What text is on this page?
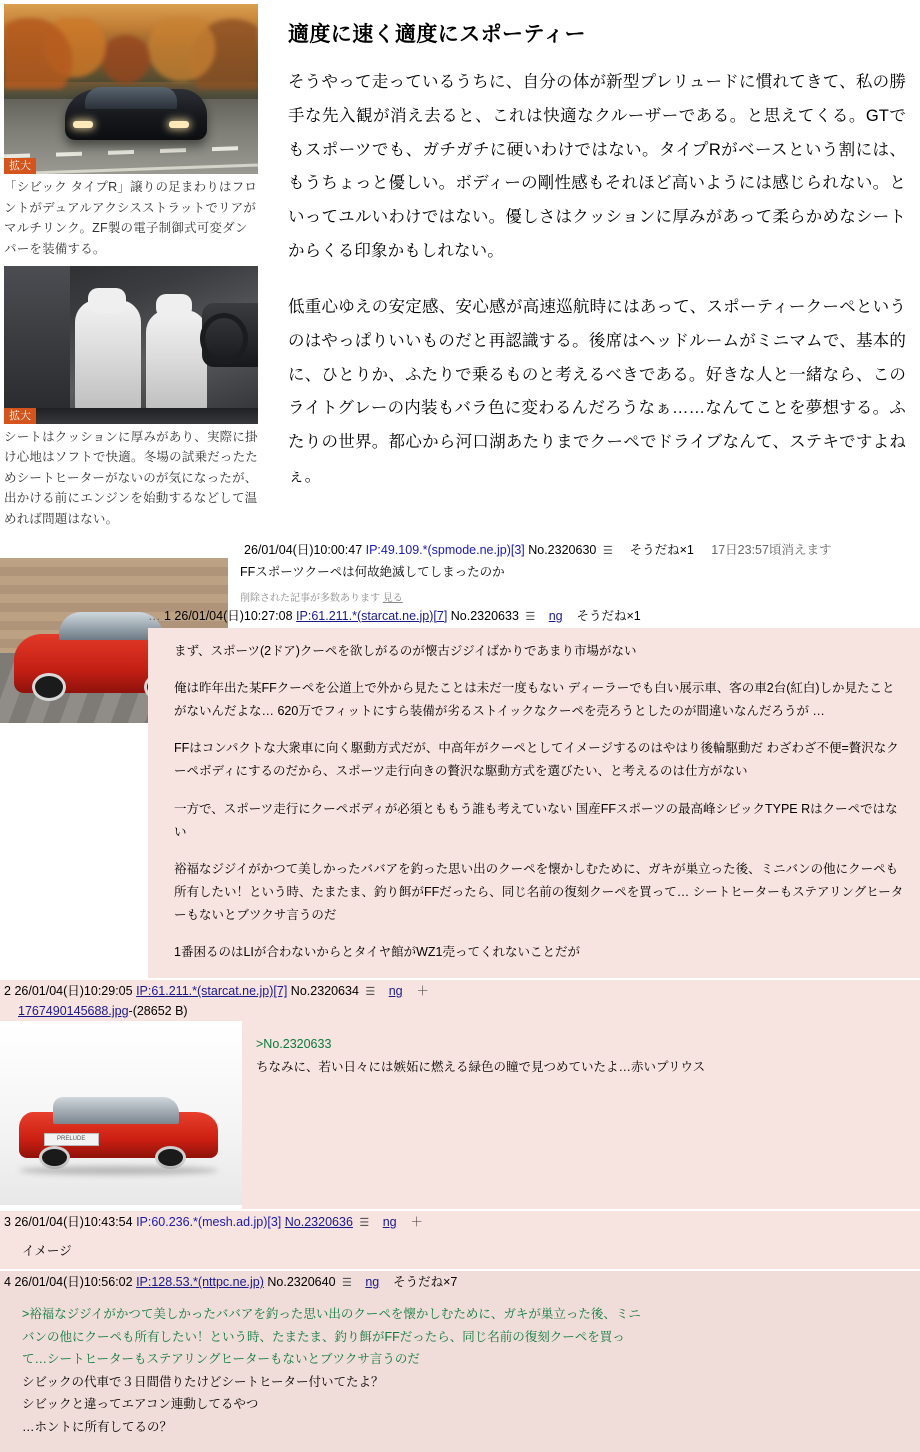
拡大
「シビック タイプR」譲りの足まわりはフロントがデュアルアクシスストラットでリアがマルチリンク。ZF製の電子制御式可変ダンパーを装備する。
拡大
シートはクッションに厚みがあり、実際に掛け心地はソフトで快適。冬場の試乗だったためシートヒーターがないのが気になったが、出かける前にエンジンを始動するなどして温めれば問題はない。
適度に速く適度にスポーティー

そうやって走っているうちに、自分の体が新型プレリュードに慣れてきて、私の勝手な先入観が消え去ると、これは快適なクルーザーである。と思えてくる。GTでもスポーツでも、ガチガチに硬いわけではない。タイプRがベースという割には、もうちょっと優しい。ボディーの剛性感もそれほど高いようには感じられない。といってユルいわけではない。優しさはクッションに厚みがあって柔らかめなシートからくる印象かもしれない。

低重心ゆえの安定感、安心感が高速巡航時にはあって、スポーティークーペというのはやっぱりいいものだと再認識する。後席はヘッドルームがミニマムで、基本的に、ひとりか、ふたりで乗るものと考えるべきである。好きな人と一緒なら、このライトグレーの内装もバラ色に変わるんだろうなぁ……なんてことを夢想する。ふたりの世界。都心から河口湖あたりまでクーペでドライブなんて、ステキですよねぇ。

26/01/04(日)10:00:47 IP:49.109.*(spmode.ne.jp)[3] No.2320630 ☰ そうだね×1 17日23:57頃消えます
FFスポーツクーペは何故絶滅してしまったのか
削除された記事が多数あります 見る
… 1 26/01/04(日)10:27:08 IP:61.211.*(starcat.ne.jp)[7] No.2320633 ☰ ng そうだね×1

まず、スポーツ(2ドア)クーペを欲しがるのが懐古ジジイばかりであまり市場がない

俺は昨年出た某FFクーペを公道上で外から見たことは未だ一度もない ディーラーでも白い展示車、客の車2台(紅白)しか見たことがないんだよな… 620万でフィットにすら装備が劣るストイックなクーペを売ろうとしたのが間違いなんだろうが …

FFはコンパクトな大衆車に向く駆動方式だが、中高年がクーペとしてイメージするのはやはり後輪駆動だ わざわざ不便=贅沢なクーペボディにするのだから、スポーツ走行向きの贅沢な駆動方式を選びたい、と考えるのは仕方がない

一方で、スポーツ走行にクーペボディが必須とももう誰も考えていない 国産FFスポーツの最高峰シビックTYPE Rはクーペではない

裕福なジジイがかつて美しかったババアを釣った思い出のクーペを懐かしむために、ガキが巣立った後、ミニバンの他にクーペも所有したい！という時、たまたま、釣り餌がFFだったら、同じ名前の復刻クーペを買って… シートヒーターもステアリングヒーターもないとブツクサ言うのだ

1番困るのはLIが合わないからとタイヤ館がWZ1売ってくれないことだが

2 26/01/04(日)10:29:05 IP:61.211.*(starcat.ne.jp)[7] No.2320634 ☰ ng ＋
1767490145688.jpg-(28652 B)
PRELUDE
>No.2320633
ちなみに、若い日々には嫉妬に燃える緑色の瞳で見つめていたよ…赤いプリウス
3 26/01/04(日)10:43:54 IP:60.236.*(mesh.ad.jp)[3] No.2320636 ☰ ng ＋
イメージ
4 26/01/04(日)10:56:02 IP:128.53.*(nttpc.ne.jp) No.2320640 ☰ ng そうだね×7
>裕福なジジイがかつて美しかったババアを釣った思い出のクーペを懐かしむために、ガキが巣立った後、ミニ
バンの他にクーペも所有したい！という時、たまたま、釣り餌がFFだったら、同じ名前の復刻クーペを買っ
て…シートヒーターもステアリングヒーターもないとブツクサ言うのだ
シビックの代車で３日間借りたけどシートヒーター付いてたよ？
シビックと違ってエアコン連動してるやつ
…ホントに所有してるの？
